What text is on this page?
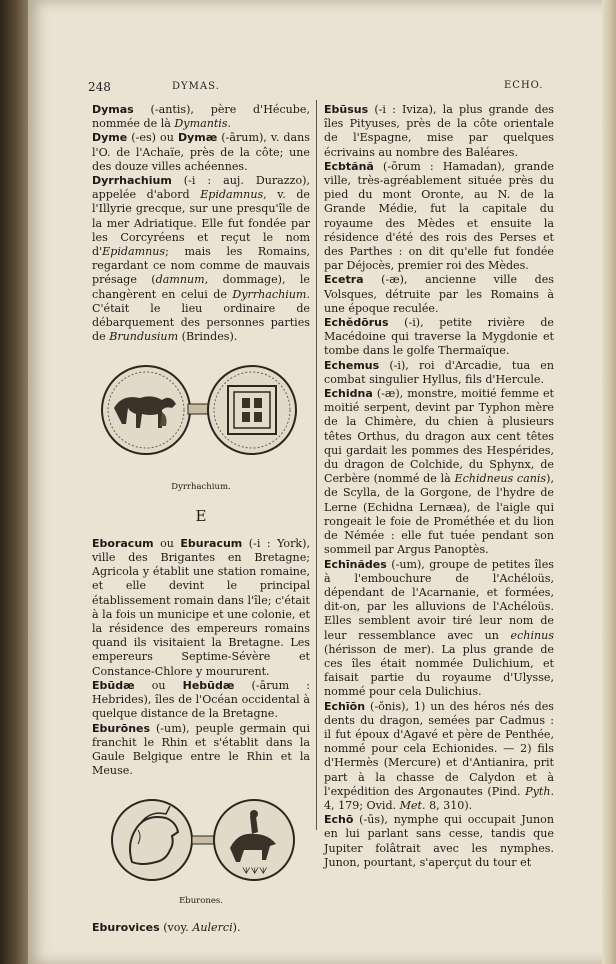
248	DYMAS.	ECHO.
Dymas (-antis), père d'Hécube, nommée de là Dymantis.
Dyme (-es) ou Dymæ (-ārum), v. dans l'O. de l'Achaïe, près de la côte; une des douze villes achéennes.
Dyrrhachium (-i : auj. Durazzo), appelée d'abord Epidamnus, v. de l'Illyrie grecque, sur une presqu'île de la mer Adriatique. Elle fut fondée par les Corcyréens et reçut le nom d'Epidamnus; mais les Romains, regardant ce nom comme de mauvais présage (damnum, dommage), le changèrent en celui de Dyrrhachium. C'était le lieu ordinaire de débarquement des personnes parties de Brundusium (Brindes).
Dyrrhachium.
E
Eboracum ou Eburacum (-i : York), ville des Brigantes en Bretagne; Agricola y établit une station romaine, et elle devint le principal établissement romain dans l'île; c'était à la fois un municipe et une colonie, et la résidence des empereurs romains quand ils visitaient la Bretagne. Les empereurs Septime-Sévère et Constance-Chlore y moururent.
Ebūdæ ou Hebūdæ (-ārum : Hebrides), îles de l'Océan occidental à quelque distance de la Bretagne.
Eburōnes (-um), peuple germain qui franchit le Rhin et s'établit dans la Gaule Belgique entre le Rhin et la Meuse.
ᗐᗐᗐ
Eburones.
Eburovices (voy. Aulerci).
Ebūsus (-i : Iviza), la plus grande des îles Pityuses, près de la côte orientale de l'Espagne, mise par quelques écrivains au nombre des Baléares.
Ecbtănă (-ōrum : Hamadan), grande ville, très-agréablement située près du pied du mont Oronte, au N. de la Grande Médie, fut la capitale du royaume des Mèdes et ensuite la résidence d'été des rois des Perses et des Parthes : on dit qu'elle fut fondée par Déjocès, premier roi des Mèdes.
Ecetra (-æ), ancienne ville des Volsques, détruite par les Romains à une époque reculée.
Echĕdōrus (-i), petite rivière de Macédoine qui traverse la Mygdonie et tombe dans le golfe Thermaïque.
Echemus (-i), roi d'Arcadie, tua en combat singulier Hyllus, fils d'Hercule.
Echidna (-æ), monstre, moitié femme et moitié serpent, devint par Typhon mère de la Chimère, du chien à plusieurs têtes Orthus, du dragon aux cent têtes qui gardait les pommes des Hespérides, du dragon de Colchide, du Sphynx, de Cerbère (nommé de là Echidneus canis), de Scylla, de la Gorgone, de l'hydre de Lerne (Echidna Lernæa), de l'aigle qui rongeait le foie de Prométhée et du lion de Némée : elle fut tuée pendant son sommeil par Argus Panoptès.
Echīnădes (-um), groupe de petites îles à l'embouchure de l'Achéloüs, dépendant de l'Acarnanie, et formées, dit-on, par les alluvions de l'Achéloüs. Elles semblent avoir tiré leur nom de leur ressemblance avec un echinus (hérisson de mer). La plus grande de ces îles était nommée Dulichium, et faisait partie du royaume d'Ulysse, nommé pour cela Dulichius.
Echīōn (-ŏnis), 1) un des héros nés des dents du dragon, semées par Cadmus : il fut époux d'Agavé et père de Penthée, nommé pour cela Echionides. — 2) fils d'Hermès (Mercure) et d'Antianira, prit part à la chasse de Calydon et à l'expédition des Argonautes (Pind. Pyth. 4, 179; Ovid. Met. 8, 310).
Echō (-ūs), nymphe qui occupait Junon en lui parlant sans cesse, tandis que Jupiter folâtrait avec les nymphes. Junon, pourtant, s'aperçut du tour et
